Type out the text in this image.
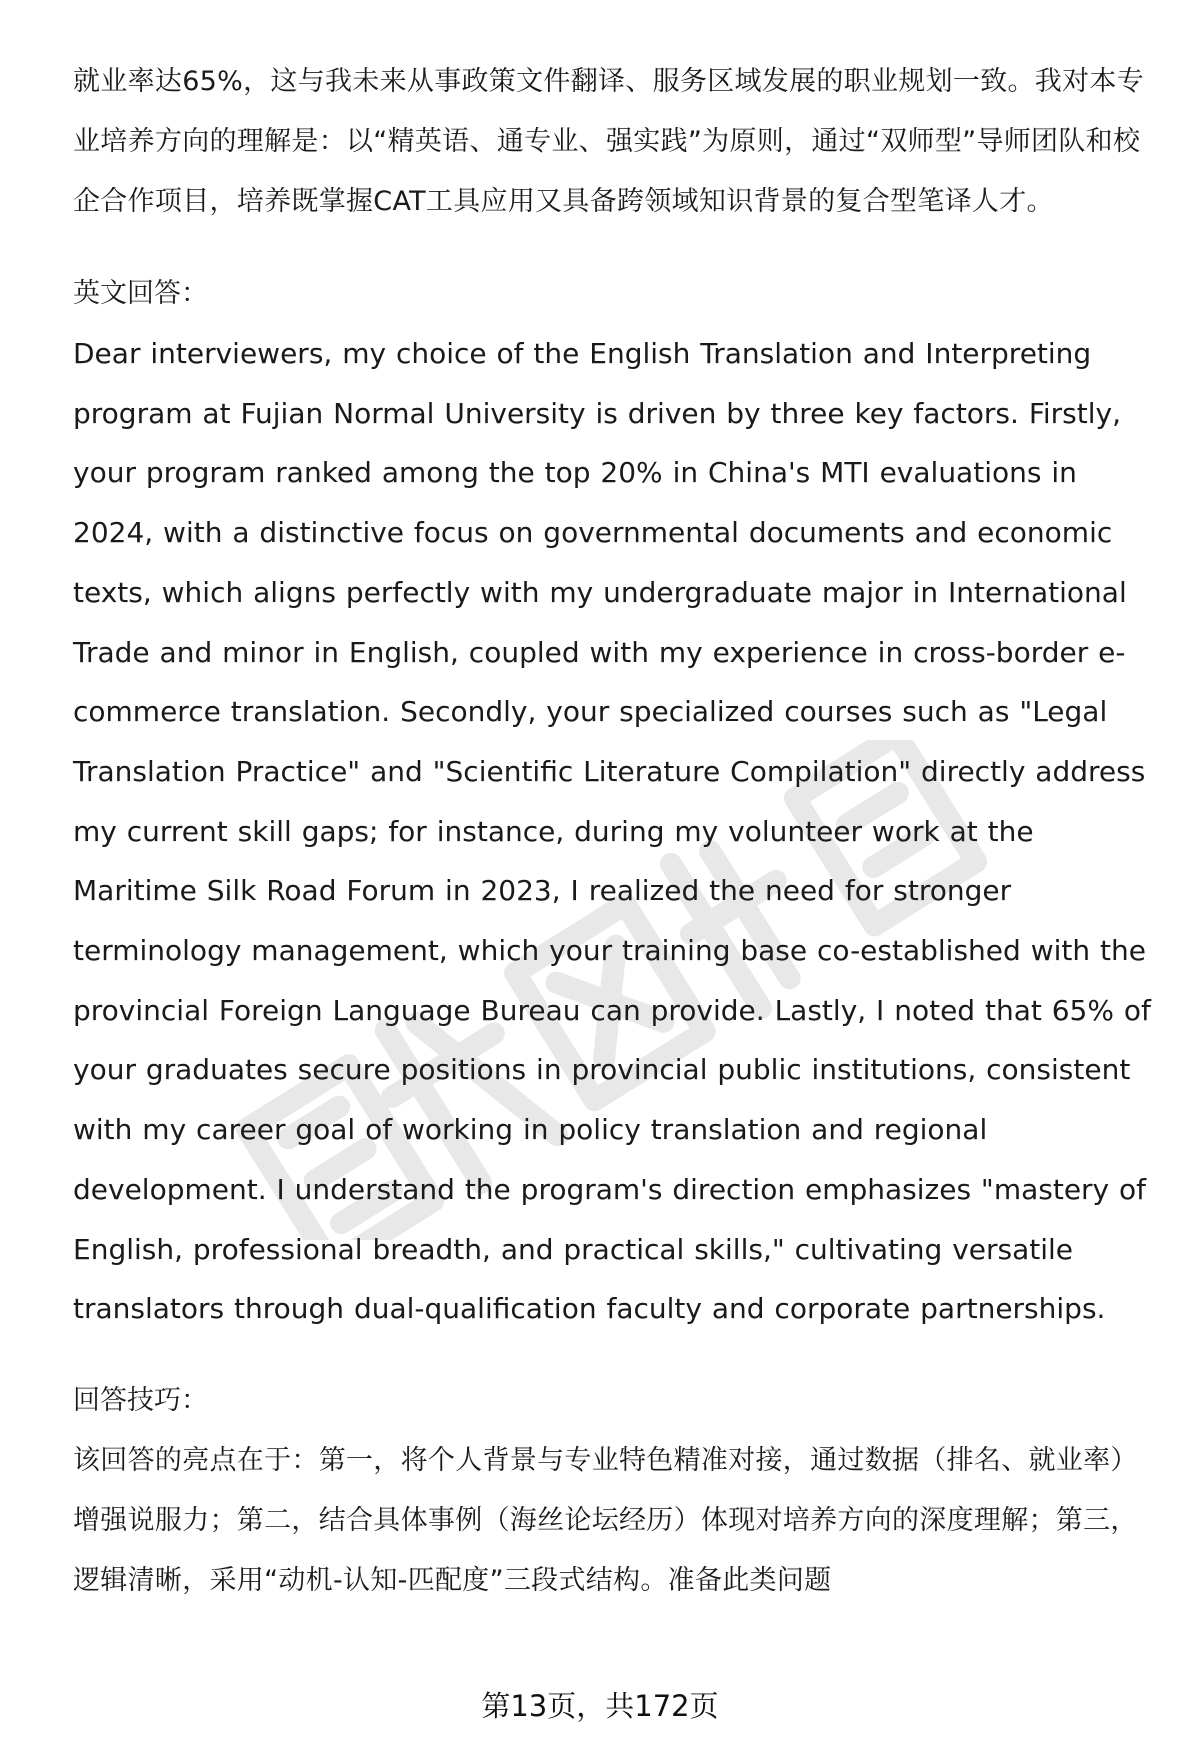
就业率达65%，这与我未来从事政策文件翻译、服务区域发展的职业规划一致。我对本专业培养方向的理解是：以“精英语、通专业、强实践”为原则，通过“双师型”导师团队和校企合作项目，培养既掌握CAT工具应用又具备跨领域知识背景的复合型笔译人才。

英文回答：

Dear interviewers, my choice of the English Translation and Interpreting program at Fujian Normal University is driven by three key factors. Firstly, your program ranked among the top 20% in China's MTI evaluations in 2024, with a distinctive focus on governmental documents and economic texts, which aligns perfectly with my undergraduate major in International Trade and minor in English, coupled with my experience in cross-border e-commerce translation. Secondly, your specialized courses such as "Legal Translation Practice" and "Scientific Literature Compilation" directly address my current skill gaps; for instance, during my volunteer work at the Maritime Silk Road Forum in 2023, I realized the need for stronger terminology management, which your training base co-established with the provincial Foreign Language Bureau can provide. Lastly, I noted that 65% of your graduates secure positions in provincial public institutions, consistent with my career goal of working in policy translation and regional development. I understand the program's direction emphasizes "mastery of English, professional breadth, and practical skills," cultivating versatile translators through dual-qualification faculty and corporate partnerships.

回答技巧：

该回答的亮点在于：第一，将个人背景与专业特色精准对接，通过数据（排名、就业率）增强说服力；第二，结合具体事例（海丝论坛经历）体现对培养方向的深度理解；第三，逻辑清晰，采用“动机-认知-匹配度”三段式结构。准备此类问题

第13页，共172页
